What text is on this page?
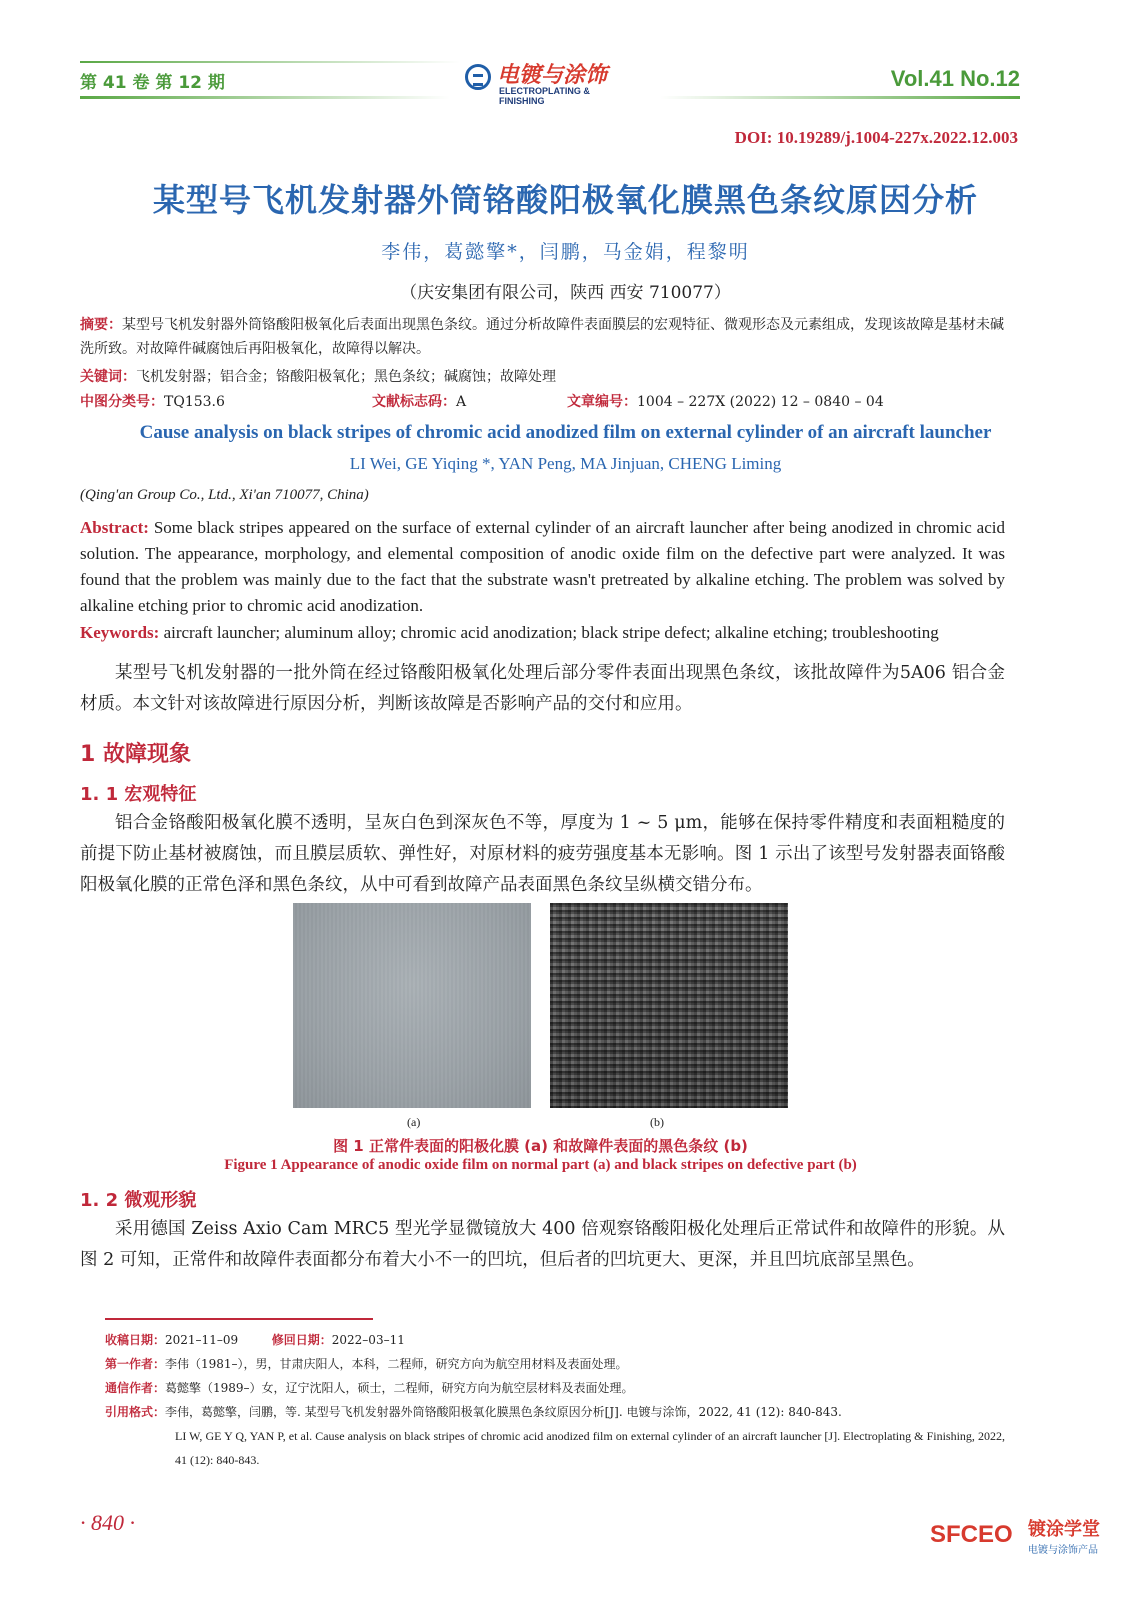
第 41 卷 第 12 期	电镀与涂饰
ELECTROPLATING & FINISHING
Vol.41 No.12
DOI: 10.19289/j.1004-227x.2022.12.003
某型号飞机发射器外筒铬酸阳极氧化膜黑色条纹原因分析
李伟，葛懿擎*，闫鹏，马金娟，程黎明
（庆安集团有限公司，陕西 西安 710077）
摘要：某型号飞机发射器外筒铬酸阳极氧化后表面出现黑色条纹。通过分析故障件表面膜层的宏观特征、微观形态及元素组成，发现该故障是基材未碱洗所致。对故障件碱腐蚀后再阳极氧化，故障得以解决。
关键词：飞机发射器；铝合金；铬酸阳极氧化；黑色条纹；碱腐蚀；故障处理
中图分类号：TQ153.6	文献标志码：A	文章编号：1004 – 227X (2022) 12 – 0840 – 04
Cause analysis on black stripes of chromic acid anodized film on external cylinder of an aircraft launcher
LI Wei, GE Yiqing *, YAN Peng, MA Jinjuan, CHENG Liming
(Qing'an Group Co., Ltd., Xi'an 710077, China)
Abstract: Some black stripes appeared on the surface of external cylinder of an aircraft launcher after being anodized in chromic acid solution. The appearance, morphology, and elemental composition of anodic oxide film on the defective part were analyzed. It was found that the problem was mainly due to the fact that the substrate wasn't pretreated by alkaline etching. The problem was solved by alkaline etching prior to chromic acid anodization.
Keywords: aircraft launcher; aluminum alloy; chromic acid anodization; black stripe defect; alkaline etching; troubleshooting
某型号飞机发射器的一批外筒在经过铬酸阳极氧化处理后部分零件表面出现黑色条纹，该批故障件为5A06 铝合金材质。本文针对该故障进行原因分析，判断该故障是否影响产品的交付和应用。
1 故障现象
1. 1 宏观特征
铝合金铬酸阳极氧化膜不透明，呈灰白色到深灰色不等，厚度为 1 ~ 5 μm，能够在保持零件精度和表面粗糙度的前提下防止基材被腐蚀，而且膜层质软、弹性好，对原材料的疲劳强度基本无影响。图 1 示出了该型号发射器表面铬酸阳极氧化膜的正常色泽和黑色条纹，从中可看到故障产品表面黑色条纹呈纵横交错分布。
(a)	(b)
图 1 正常件表面的阳极化膜 (a) 和故障件表面的黑色条纹 (b)
Figure 1 Appearance of anodic oxide film on normal part (a) and black stripes on defective part (b)
1. 2 微观形貌
采用德国 Zeiss Axio Cam MRC5 型光学显微镜放大 400 倍观察铬酸阳极化处理后正常试件和故障件的形貌。从图 2 可知，正常件和故障件表面都分布着大小不一的凹坑，但后者的凹坑更大、更深，并且凹坑底部呈黑色。
收稿日期：2021–11–09	修回日期：2022–03–11
第一作者：李伟（1981–），男，甘肃庆阳人，本科，二程师，研究方向为航空用材料及表面处理。
通信作者：葛懿擎（1989–）女，辽宁沈阳人，硕士，二程师，研究方向为航空层材料及表面处理。
引用格式：李伟，葛懿擎，闫鹏，等. 某型号飞机发射器外筒铬酸阳极氧化膜黑色条纹原因分析[J]. 电镀与涂饰，2022, 41 (12): 840-843.
LI W, GE Y Q, YAN P, et al. Cause analysis on black stripes of chromic acid anodized film on external cylinder of an aircraft launcher [J]. Electroplating & Finishing, 2022, 41 (12): 840-843.
· 840 ·	SFCEO 镀涂学堂
电镀与涂饰产品
